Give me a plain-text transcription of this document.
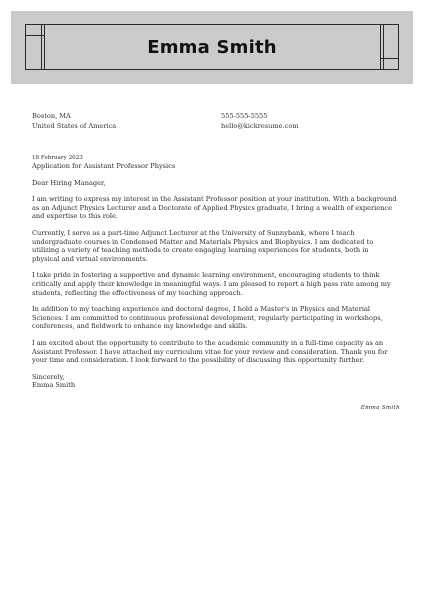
Emma Smith
Boston, MA
United States of America
555-555-5555
hello@kickresume.com
18 February 2023
Application for Assistant Professor Physics

Dear Hiring Manager,

I am writing to express my interest in the Assistant Professor position at your institution. With a background as an Adjunct Physics Lecturer and a Doctorate of Applied Physics graduate, I bring a wealth of experience and expertise to this role.

Currently, I serve as a part-time Adjunct Lecturer at the University of Sunnybank, where I teach undergraduate courses in Condensed Matter and Materials Physics and Biophysics. I am dedicated to utilizing a variety of teaching methods to create engaging learning experiences for students, both in physical and virtual environments.

I take pride in fostering a supportive and dynamic learning environment, encouraging students to think critically and apply their knowledge in meaningful ways. I am pleased to report a high pass rate among my students, reflecting the effectiveness of my teaching approach.

In addition to my teaching experience and doctoral degree, I hold a Master's in Physics and Material Sciences. I am committed to continuous professional development, regularly participating in workshops, conferences, and fieldwork to enhance my knowledge and skills.

I am excited about the opportunity to contribute to the academic community in a full-time capacity as an Assistant Professor. I have attached my curriculum vitae for your review and consideration. Thank you for your time and consideration. I look forward to the possibility of discussing this opportunity further.

Sincerely,
Emma Smith
Emma Smith
